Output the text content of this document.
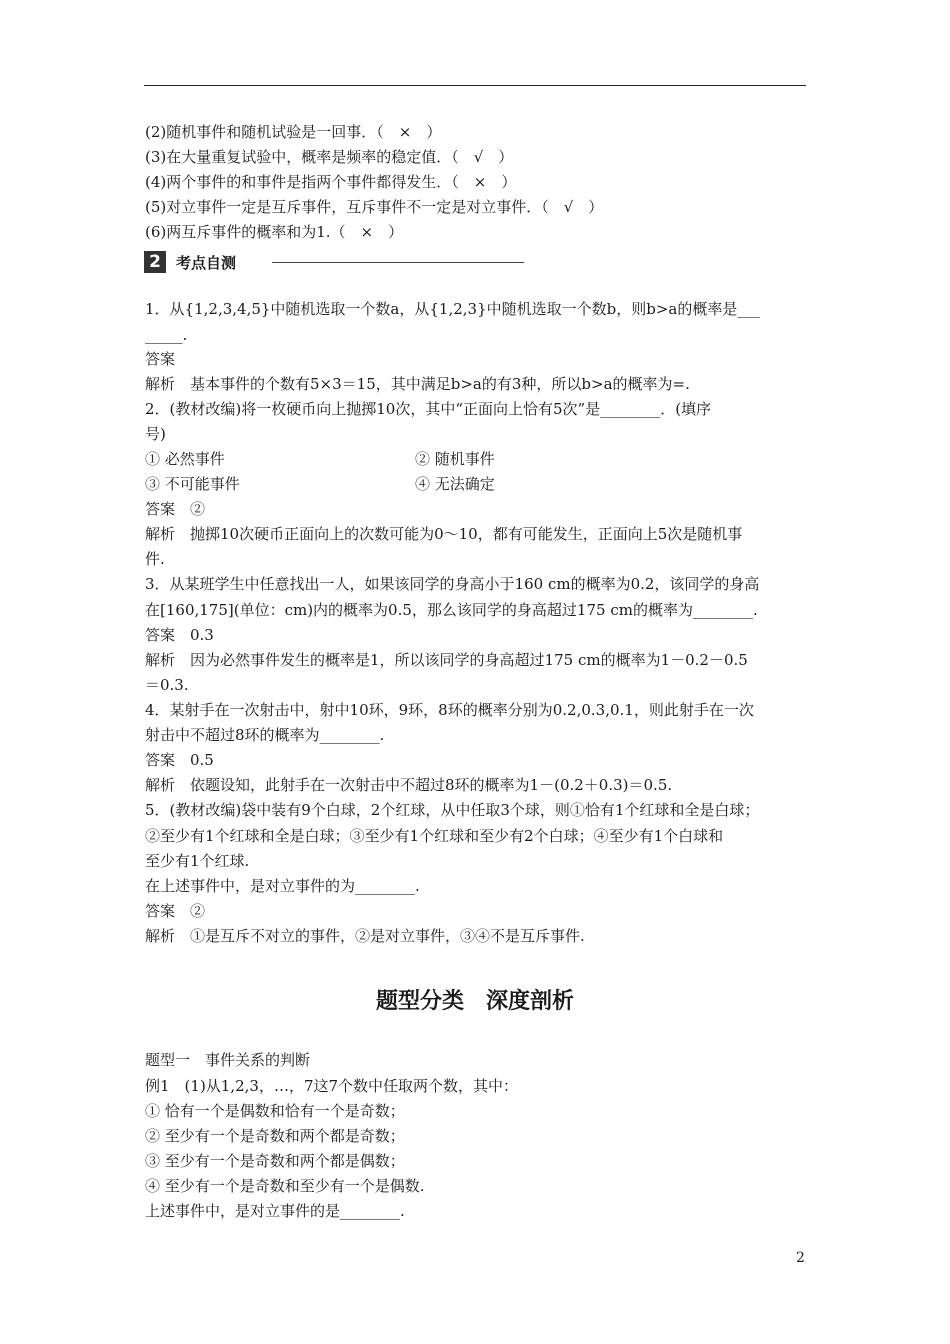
(2)随机事件和随机试验是一回事．（　×　）
(3)在大量重复试验中，概率是频率的稳定值．（　√　）
(4)两个事件的和事件是指两个事件都得发生．（　×　）
(5)对立事件一定是互斥事件，互斥事件不一定是对立事件．（　√　）
(6)两互斥事件的概率和为1.（　×　）
2	考点自测
1．从{1,2,3,4,5}中随机选取一个数a，从{1,2,3}中随机选取一个数b，则b>a的概率是___
_____.
答案
解析　基本事件的个数有5×3＝15，其中满足b>a的有3种，所以b>a的概率为=.
2．(教材改编)将一枚硬币向上抛掷10次，其中“正面向上恰有5次”是________．(填序
号)
① 必然事件	② 随机事件
③ 不可能事件	④ 无法确定
答案　②
解析　抛掷10次硬币正面向上的次数可能为0～10，都有可能发生，正面向上5次是随机事
件.
3．从某班学生中任意找出一人，如果该同学的身高小于160 cm的概率为0.2，该同学的身高
在[160,175](单位：cm)内的概率为0.5，那么该同学的身高超过175 cm的概率为________.
答案　0.3
解析　因为必然事件发生的概率是1，所以该同学的身高超过175 cm的概率为1－0.2－0.5
＝0.3.
4．某射手在一次射击中，射中10环，9环，8环的概率分别为0.2,0.3,0.1，则此射手在一次
射击中不超过8环的概率为________.
答案　0.5
解析　依题设知，此射手在一次射击中不超过8环的概率为1－(0.2＋0.3)＝0.5.
5．(教材改编)袋中装有9个白球，2个红球，从中任取3个球，则①恰有1个红球和全是白球；
②至少有1个红球和全是白球；③至少有1个红球和至少有2个白球；④至少有1个白球和
至少有1个红球.
在上述事件中，是对立事件的为________.
答案　②
解析　①是互斥不对立的事件，②是对立事件，③④不是互斥事件.
题型分类　深度剖析
题型一　事件关系的判断
例1　(1)从1,2,3，…，7这7个数中任取两个数，其中：
① 恰有一个是偶数和恰有一个是奇数；
② 至少有一个是奇数和两个都是奇数；
③ 至少有一个是奇数和两个都是偶数；
④ 至少有一个是奇数和至少有一个是偶数.
上述事件中，是对立事件的是________.
2
